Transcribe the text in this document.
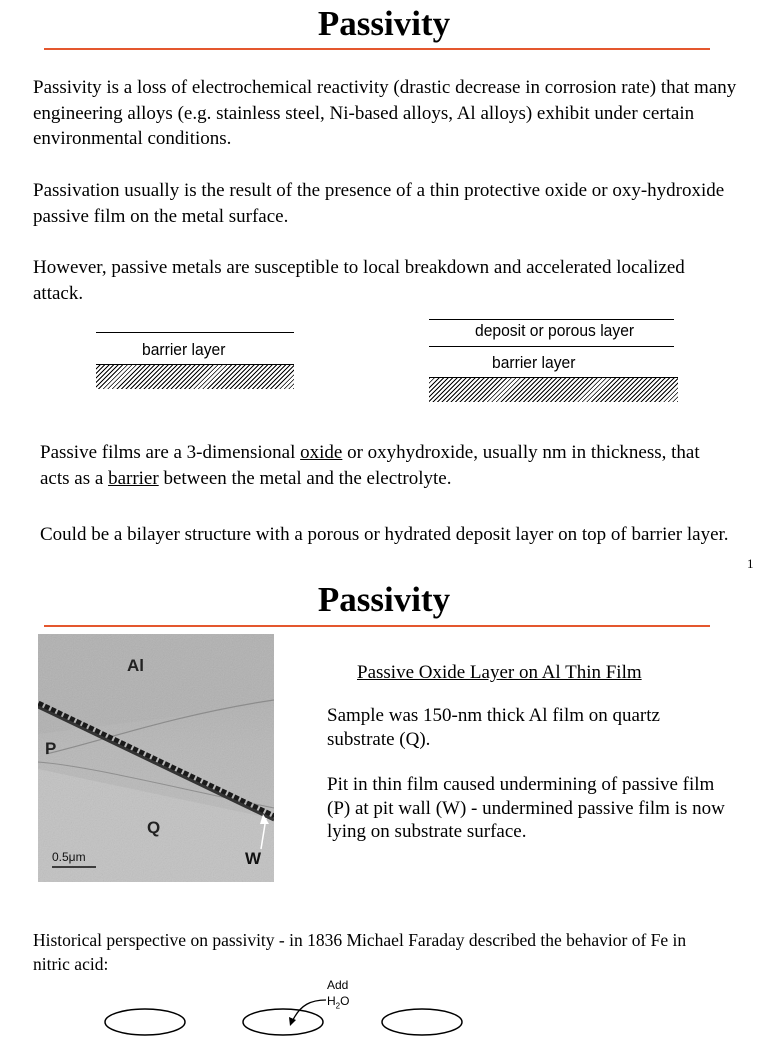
Passivity

Passivity is a loss of electrochemical reactivity (drastic decrease in corrosion rate) that many engineering alloys (e.g. stainless steel, Ni-based alloys, Al alloys) exhibit under certain environmental conditions.

Passivation usually is the result of the presence of a thin protective oxide or oxy-hydroxide passive film on the metal surface.

However, passive metals are susceptible to local breakdown and accelerated localized attack.

barrier layer
deposit or porous layer
barrier layer

Passive films are a 3-dimensional oxide or oxyhydroxide, usually nm in thickness, that acts as a barrier between the metal and the electrolyte.

Could be a bilayer structure with a porous or hydrated deposit layer on top of barrier layer.

1
Passivity
Al
P
Q
W
0.5μm
Passive Oxide Layer on Al Thin Film

Sample was 150-nm thick Al film on quartz substrate (Q).

Pit in thin film caused undermining of passive film (P) at pit wall (W) - undermined passive film is now lying on substrate surface.

Historical perspective on passivity - in 1836 Michael Faraday described the behavior of Fe in nitric acid:

Add
$H_2O$
